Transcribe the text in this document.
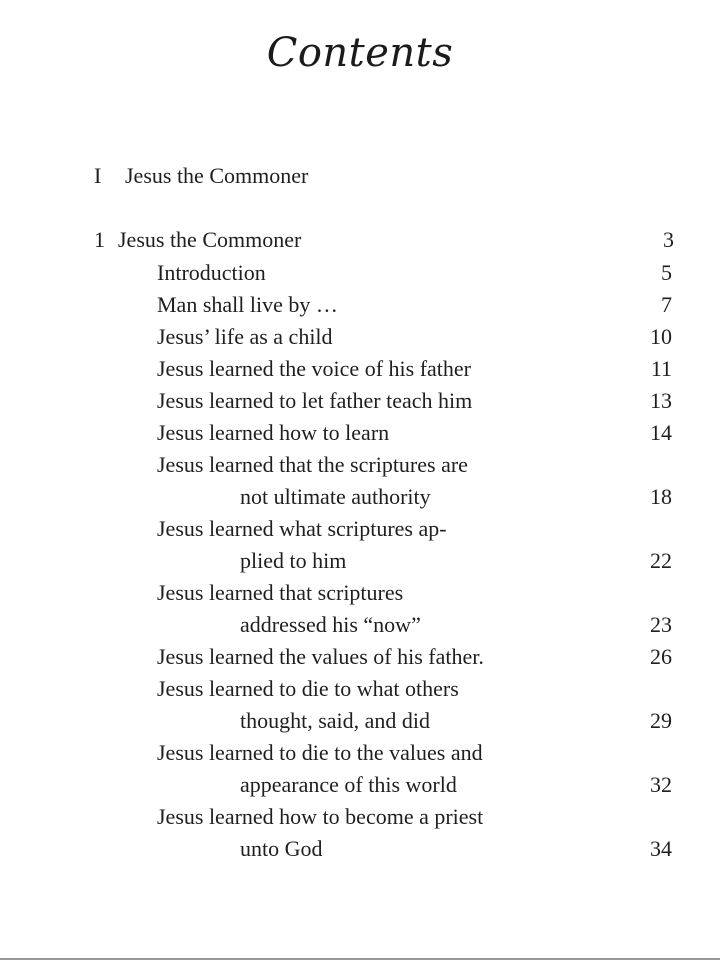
Contents
I Jesus the Commoner
1 Jesus the Commoner	3
Introduction	5
Man shall live by …	7
Jesus’ life as a child	10
Jesus learned the voice of his father	11
Jesus learned to let father teach him	13
Jesus learned how to learn	14
Jesus learned that the scriptures are
not ultimate authority	18
Jesus learned what scriptures ap-
plied to him	22
Jesus learned that scriptures
addressed his “now”	23
Jesus learned the values of his father.	26
Jesus learned to die to what others
thought, said, and did	29
Jesus learned to die to the values and
appearance of this world	32
Jesus learned how to become a priest
unto God	34
